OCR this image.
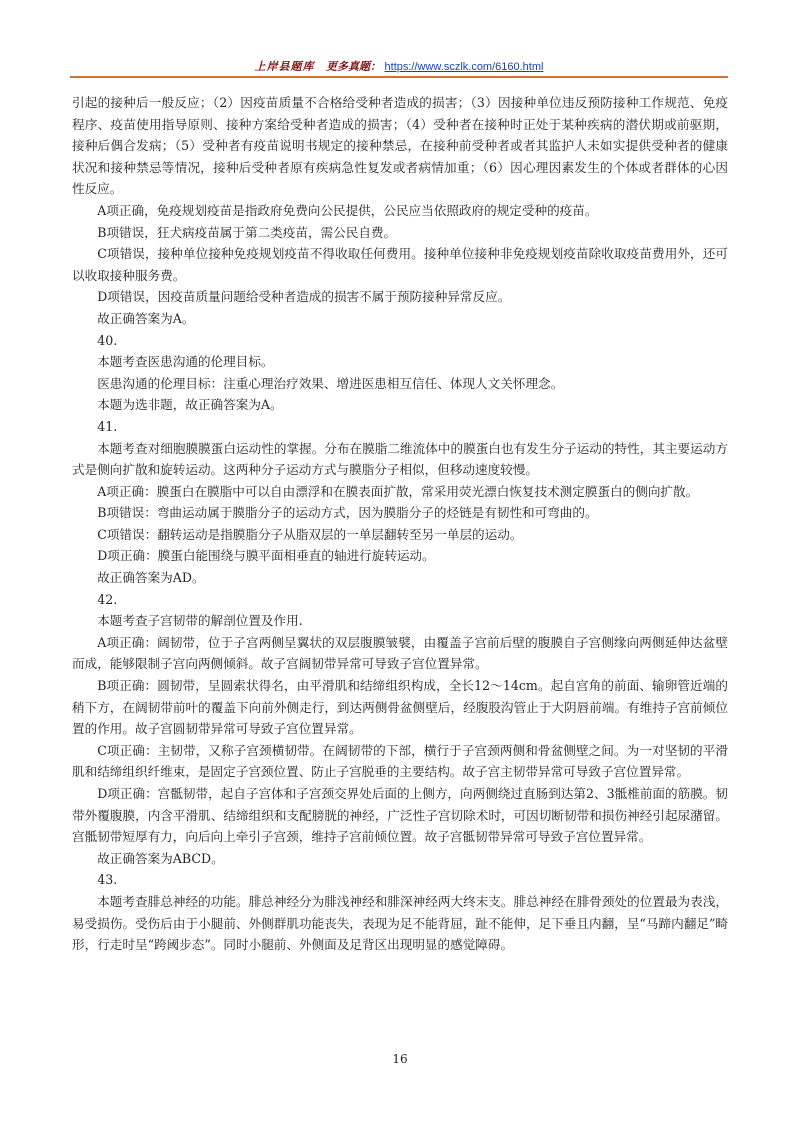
上岸县题库 更多真题： https://www.sczlk.com/6160.html

引起的接种后一般反应；（2）因疫苗质量不合格给受种者造成的损害；（3）因接种单位违反预防接种工作规范、免疫程序、疫苗使用指导原则、接种方案给受种者造成的损害；（4）受种者在接种时正处于某种疾病的潜伏期或前驱期，接种后偶合发病；（5）受种者有疫苗说明书规定的接种禁忌，在接种前受种者或者其监护人未如实提供受种者的健康状况和接种禁忌等情况，接种后受种者原有疾病急性复发或者病情加重；（6）因心理因素发生的个体或者群体的心因性反应。

A项正确，免疫规划疫苗是指政府免费向公民提供，公民应当依照政府的规定受种的疫苗。

B项错误，狂犬病疫苗属于第二类疫苗，需公民自费。

C项错误，接种单位接种免疫规划疫苗不得收取任何费用。接种单位接种非免疫规划疫苗除收取疫苗费用外，还可以收取接种服务费。

D项错误，因疫苗质量问题给受种者造成的损害不属于预防接种异常反应。

故正确答案为A。

40.

本题考查医患沟通的伦理目标。

医患沟通的伦理目标：注重心理治疗效果、增进医患相互信任、体现人文关怀理念。

本题为选非题，故正确答案为A。

41.

本题考查对细胞膜膜蛋白运动性的掌握。分布在膜脂二维流体中的膜蛋白也有发生分子运动的特性，其主要运动方式是侧向扩散和旋转运动。这两种分子运动方式与膜脂分子相似，但移动速度较慢。

A项正确：膜蛋白在膜脂中可以自由漂浮和在膜表面扩散，常采用荧光漂白恢复技术测定膜蛋白的侧向扩散。

B项错误：弯曲运动属于膜脂分子的运动方式，因为膜脂分子的烃链是有韧性和可弯曲的。

C项错误：翻转运动是指膜脂分子从脂双层的一单层翻转至另一单层的运动。

D项正确：膜蛋白能围绕与膜平面相垂直的轴进行旋转运动。

故正确答案为AD。

42.

本题考查子宫韧带的解剖位置及作用.

A项正确：阔韧带，位于子宫两侧呈翼状的双层腹膜皱襞，由覆盖子宫前后壁的腹膜自子宫侧缘向两侧延伸达盆壁而成，能够限制子宫向两侧倾斜。故子宫阔韧带异常可导致子宫位置异常。

B项正确：圆韧带，呈圆索状得名，由平滑肌和结缔组织构成，全长12～14cm。起自宫角的前面、输卵管近端的稍下方，在阔韧带前叶的覆盖下向前外侧走行，到达两侧骨盆侧壁后，经腹股沟管止于大阴唇前端。有维持子宫前倾位置的作用。故子宫圆韧带异常可导致子宫位置异常。

C项正确：主韧带，又称子宫颈横韧带。在阔韧带的下部，横行于子宫颈两侧和骨盆侧壁之间。为一对坚韧的平滑肌和结缔组织纤维束，是固定子宫颈位置、防止子宫脱垂的主要结构。故子宫主韧带异常可导致子宫位置异常。

D项正确：宫骶韧带，起自子宫体和子宫颈交界处后面的上侧方，向两侧绕过直肠到达第2、3骶椎前面的筋膜。韧带外覆腹膜，内含平滑肌、结缔组织和支配膀胱的神经，广泛性子宫切除术时，可因切断韧带和损伤神经引起尿潴留。宫骶韧带短厚有力，向后向上牵引子宫颈，维持子宫前倾位置。故子宫骶韧带异常可导致子宫位置异常。

故正确答案为ABCD。

43.

本题考查腓总神经的功能。腓总神经分为腓浅神经和腓深神经两大终末支。腓总神经在腓骨颈处的位置最为表浅，易受损伤。受伤后由于小腿前、外侧群肌功能丧失，表现为足不能背屈，趾不能伸，足下垂且内翻，呈“马蹄内翻足”畸形，行走时呈“跨阈步态”。同时小腿前、外侧面及足背区出现明显的感觉障碍。

16
